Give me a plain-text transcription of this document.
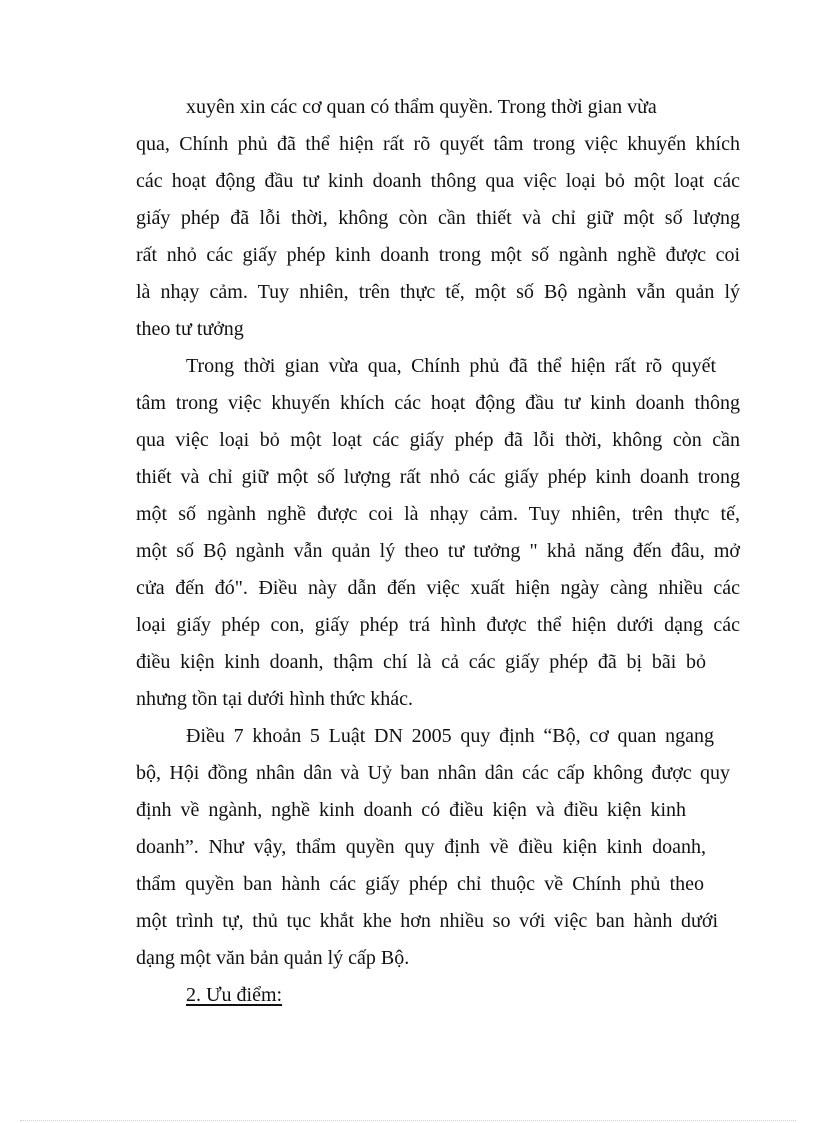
xuyên xin các cơ quan có thẩm quyền. Trong thời gian vừa
qua, Chính phủ đã thể hiện rất rõ quyết tâm trong việc khuyến khích
các hoạt động đầu tư kinh doanh thông qua việc loại bỏ một loạt các
giấy phép đã lỗi thời, không còn cần thiết và chỉ giữ một số lượng
rất nhỏ các giấy phép kinh doanh trong một số ngành nghề được coi
là nhạy cảm. Tuy nhiên, trên thực tế, một số Bộ ngành vẫn quản lý
theo tư tưởng
Trong thời gian vừa qua, Chính phủ đã thể hiện rất rõ quyết
tâm trong việc khuyến khích các hoạt động đầu tư kinh doanh thông
qua việc loại bỏ một loạt các giấy phép đã lỗi thời, không còn cần
thiết và chỉ giữ một số lượng rất nhỏ các giấy phép kinh doanh trong
một số ngành nghề được coi là nhạy cảm. Tuy nhiên, trên thực tế,
một số Bộ ngành vẫn quản lý theo tư tưởng " khả năng đến đâu, mở
cửa đến đó". Điều này dẫn đến việc xuất hiện ngày càng nhiều các
loại giấy phép con, giấy phép trá hình được thể hiện dưới dạng các
điều kiện kinh doanh, thậm chí là cả các giấy phép đã bị bãi bỏ
nhưng tồn tại dưới hình thức khác.
Điều 7 khoản 5 Luật DN 2005 quy định “Bộ, cơ quan ngang
bộ, Hội đồng nhân dân và Uỷ ban nhân dân các cấp không được quy
định về ngành, nghề kinh doanh có điều kiện và điều kiện kinh
doanh”. Như vậy, thẩm quyền quy định về điều kiện kinh doanh,
thẩm quyền ban hành các giấy phép chỉ thuộc về Chính phủ theo
một trình tự, thủ tục khắt khe hơn nhiều so với việc ban hành dưới
dạng một văn bản quản lý cấp Bộ.
2. Ưu điểm:
